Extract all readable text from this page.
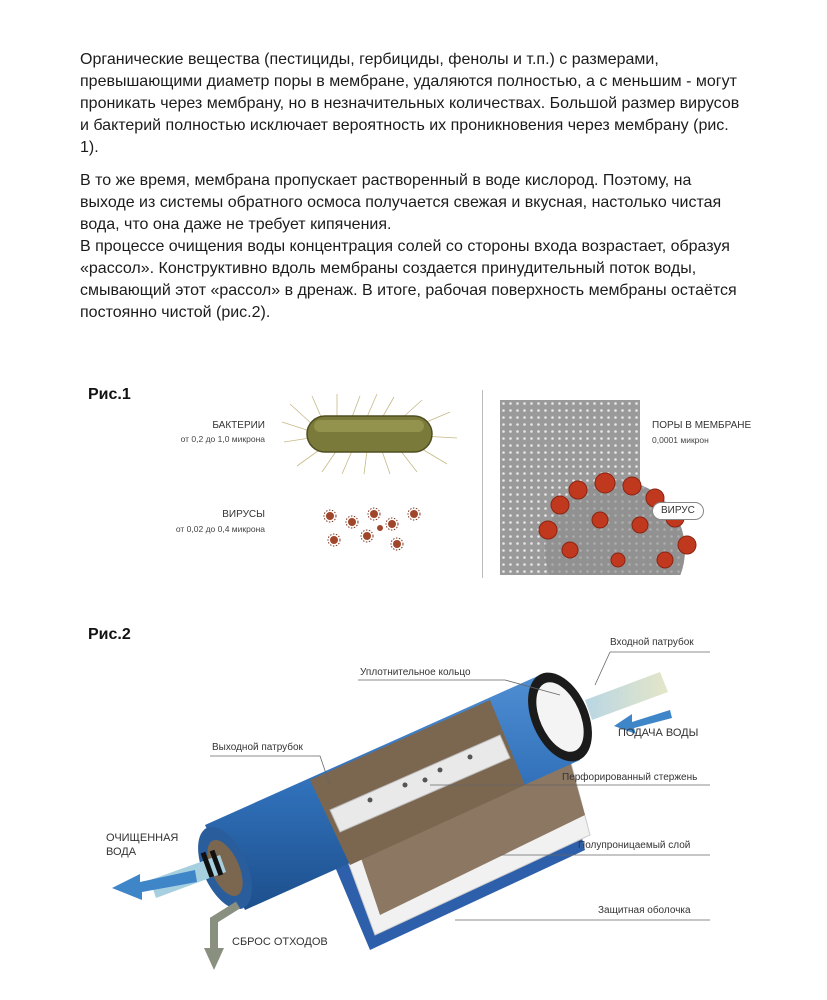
Органические вещества (пестициды, гербициды, фенолы и т.п.) с размерами, превышающими диаметр поры в мембране, удаляются полностью, а с меньшим - могут проникать через мембрану, но в незначительных количествах. Большой размер вирусов и бактерий полностью исключает вероятность их проникновения через мембрану (рис. 1).

В то же время, мембрана пропускает растворенный в воде кислород. Поэтому, на выходе из системы обратного осмоса получается свежая и вкусная, настолько чистая вода, что она даже не требует кипячения.

В процессе очищения воды концентрация солей со стороны входа возрастает, образуя «рассол». Конструктивно вдоль мембраны создается принудительный поток воды, смывающий этот «рассол» в дренаж. В итоге, рабочая поверхность мембраны остаётся постоянно чистой (рис.2).

Рис.1
БАКТЕРИИ
от 0,2 до 1,0 микрона
ВИРУСЫ
от 0,02 до 0,4 микрона
ПОРЫ В МЕМБРАНЕ
0,0001 микрон
ВИРУС
Рис.2	Входной патрубок
Уплотнительное кольцо
ПОДАЧА ВОДЫ
Выходной патрубок
Перфорированный стержень
ОЧИЩЕННАЯ
ВОДА
Полупроницаемый слой
Защитная оболочка
СБРОС ОТХОДОВ
